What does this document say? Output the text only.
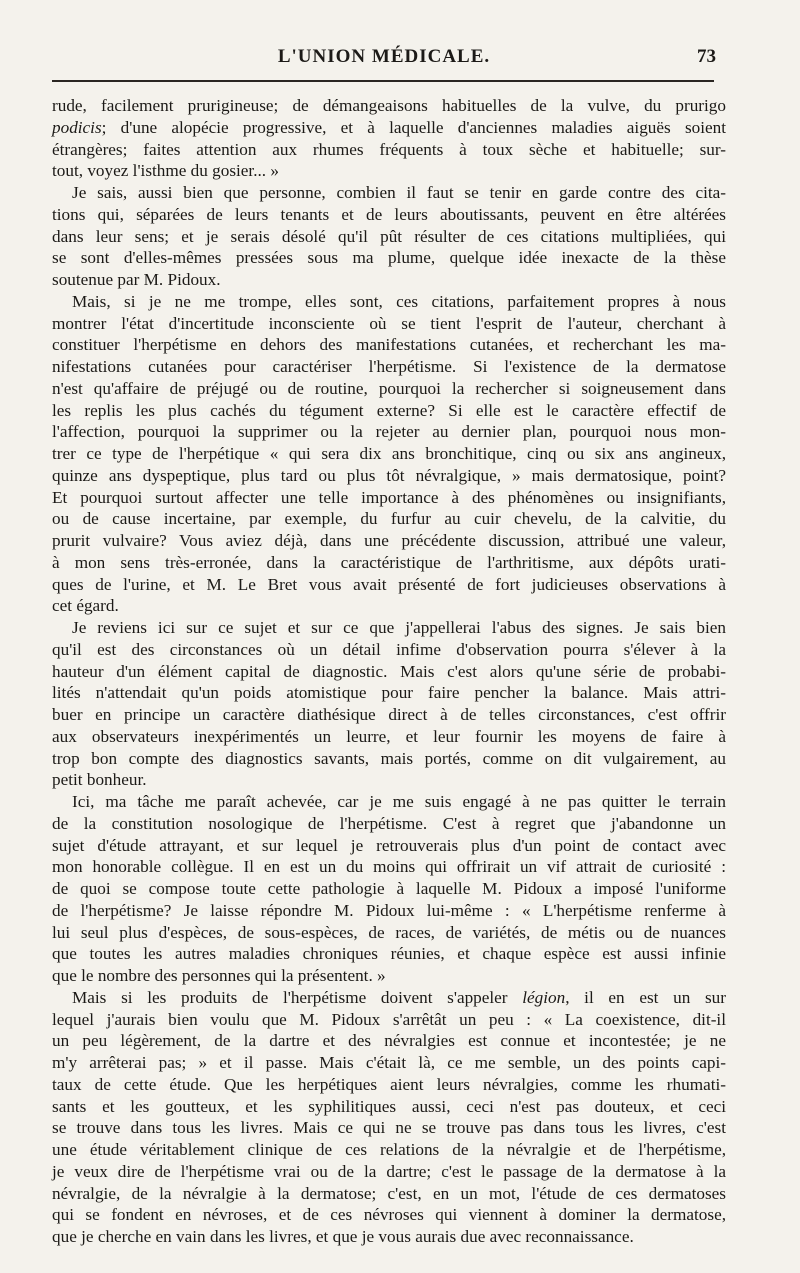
L'UNION MÉDICALE.	73
rude, facilement prurigineuse; de démangeaisons habituelles de la vulve, du prurigo
podicis; d'une alopécie progressive, et à laquelle d'anciennes maladies aiguës soient
étrangères; faites attention aux rhumes fréquents à toux sèche et habituelle; sur-
tout, voyez l'isthme du gosier... »
Je sais, aussi bien que personne, combien il faut se tenir en garde contre des cita-
tions qui, séparées de leurs tenants et de leurs aboutissants, peuvent en être altérées
dans leur sens; et je serais désolé qu'il pût résulter de ces citations multipliées, qui
se sont d'elles-mêmes pressées sous ma plume, quelque idée inexacte de la thèse
soutenue par M. Pidoux.
Mais, si je ne me trompe, elles sont, ces citations, parfaitement propres à nous
montrer l'état d'incertitude inconsciente où se tient l'esprit de l'auteur, cherchant à
constituer l'herpétisme en dehors des manifestations cutanées, et recherchant les ma-
nifestations cutanées pour caractériser l'herpétisme. Si l'existence de la dermatose
n'est qu'affaire de préjugé ou de routine, pourquoi la rechercher si soigneusement dans
les replis les plus cachés du tégument externe? Si elle est le caractère effectif de
l'affection, pourquoi la supprimer ou la rejeter au dernier plan, pourquoi nous mon-
trer ce type de l'herpétique « qui sera dix ans bronchitique, cinq ou six ans angineux,
quinze ans dyspeptique, plus tard ou plus tôt névralgique, » mais dermatosique, point?
Et pourquoi surtout affecter une telle importance à des phénomènes ou insignifiants,
ou de cause incertaine, par exemple, du furfur au cuir chevelu, de la calvitie, du
prurit vulvaire? Vous aviez déjà, dans une précédente discussion, attribué une valeur,
à mon sens très-erronée, dans la caractéristique de l'arthritisme, aux dépôts urati-
ques de l'urine, et M. Le Bret vous avait présenté de fort judicieuses observations à
cet égard.
Je reviens ici sur ce sujet et sur ce que j'appellerai l'abus des signes. Je sais bien
qu'il est des circonstances où un détail infime d'observation pourra s'élever à la
hauteur d'un élément capital de diagnostic. Mais c'est alors qu'une série de probabi-
lités n'attendait qu'un poids atomistique pour faire pencher la balance. Mais attri-
buer en principe un caractère diathésique direct à de telles circonstances, c'est offrir
aux observateurs inexpérimentés un leurre, et leur fournir les moyens de faire à
trop bon compte des diagnostics savants, mais portés, comme on dit vulgairement, au
petit bonheur.
Ici, ma tâche me paraît achevée, car je me suis engagé à ne pas quitter le terrain
de la constitution nosologique de l'herpétisme. C'est à regret que j'abandonne un
sujet d'étude attrayant, et sur lequel je retrouverais plus d'un point de contact avec
mon honorable collègue. Il en est un du moins qui offrirait un vif attrait de curiosité :
de quoi se compose toute cette pathologie à laquelle M. Pidoux a imposé l'uniforme
de l'herpétisme? Je laisse répondre M. Pidoux lui-même : « L'herpétisme renferme à
lui seul plus d'espèces, de sous-espèces, de races, de variétés, de métis ou de nuances
que toutes les autres maladies chroniques réunies, et chaque espèce est aussi infinie
que le nombre des personnes qui la présentent. »
Mais si les produits de l'herpétisme doivent s'appeler légion, il en est un sur
lequel j'aurais bien voulu que M. Pidoux s'arrêtât un peu : « La coexistence, dit-il
un peu légèrement, de la dartre et des névralgies est connue et incontestée; je ne
m'y arrêterai pas; » et il passe. Mais c'était là, ce me semble, un des points capi-
taux de cette étude. Que les herpétiques aient leurs névralgies, comme les rhumati-
sants et les goutteux, et les syphilitiques aussi, ceci n'est pas douteux, et ceci
se trouve dans tous les livres. Mais ce qui ne se trouve pas dans tous les livres, c'est
une étude véritablement clinique de ces relations de la névralgie et de l'herpétisme,
je veux dire de l'herpétisme vrai ou de la dartre; c'est le passage de la dermatose à la
névralgie, de la névralgie à la dermatose; c'est, en un mot, l'étude de ces dermatoses
qui se fondent en névroses, et de ces névroses qui viennent à dominer la dermatose,
que je cherche en vain dans les livres, et que je vous aurais due avec reconnaissance.
